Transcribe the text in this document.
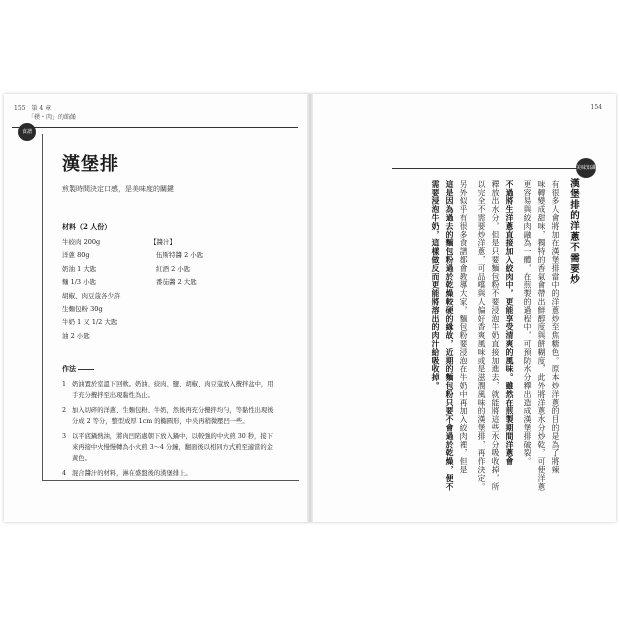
155 第 4 章
「樸・肉」的餡餚
食譜
漢堡排
煎製時間決定口感，是美味度的關鍵
材料（2 人份）
牛絞肉 200g
洋蔥 80g
奶油 1 大匙
麵 1/3 小匙
胡椒、肉豆蔻各少許
生麵包粉 30g
牛奶 1 又 1/2 大匙
油 2 小匙
【醬汁】
伍斯特醬 2 小匙
紅酒 2 小匙
番茄醬 2 大匙
作法
1 奶油置於室溫下回軟。奶油、絞肉、鹽、胡椒、肉豆蔻放入攪拌盆中，用手充分攪拌至出現黏性為止。
2 加入切碎的洋蔥、生麵包粉、牛奶，然後再充分攪拌均勻，等黏性出現後分成 2 等分，整型成厚 1cm 的橢圓形，中央再稍微壓凹一些。
3 以平底鍋熱油，將肉凹陷處朝下放入鍋中，以較強的中火煎 30 秒，接下來再接中火慢慢轉為小火煎 3～4 分鐘，翻面後以相同方式煎至適當的金黃色。
4 混合醬汁的材料，淋在盛盤後的漢堡排上。
154
美味知識
漢堡排的洋蔥不需要炒
有很多人會將加在漢堡排當中的洋蔥炒至焦糖色。原本炒洋蔥的目的是為了將辣
味轉變成甜味，獨特的香氣會帶出鮮醇度與餅糊度，此外將洋蔥水分炒乾，可使洋蔥
更容易與絞肉融為一體，在煎製的過程中，可預防水分釋出造成漢堡排破裂。
不過將生洋蔥直接加入絞肉中，更能享受清爽的風味。雖然在煎製期間洋蔥會
釋放出水分，但是只要麵包粉不要浸泡牛奶直接加進去，就能將這些水分吸收掉，所
以完全不需要炒洋蔥，可品嚐與人偏好香爽風味或是滋潤風味的漢堡排，再作決定。
另外似乎有很多食譜都會教導大家，麵包粉要浸泡在牛奶中再加入絞肉裡，但是
這是因為過去的麵包粉過於乾燥較硬的緣故，近期的麵包粉只要不會過於乾燥，便不
需要浸泡牛奶，這樣做反而更能將溶出的肉汁給吸收掉。
